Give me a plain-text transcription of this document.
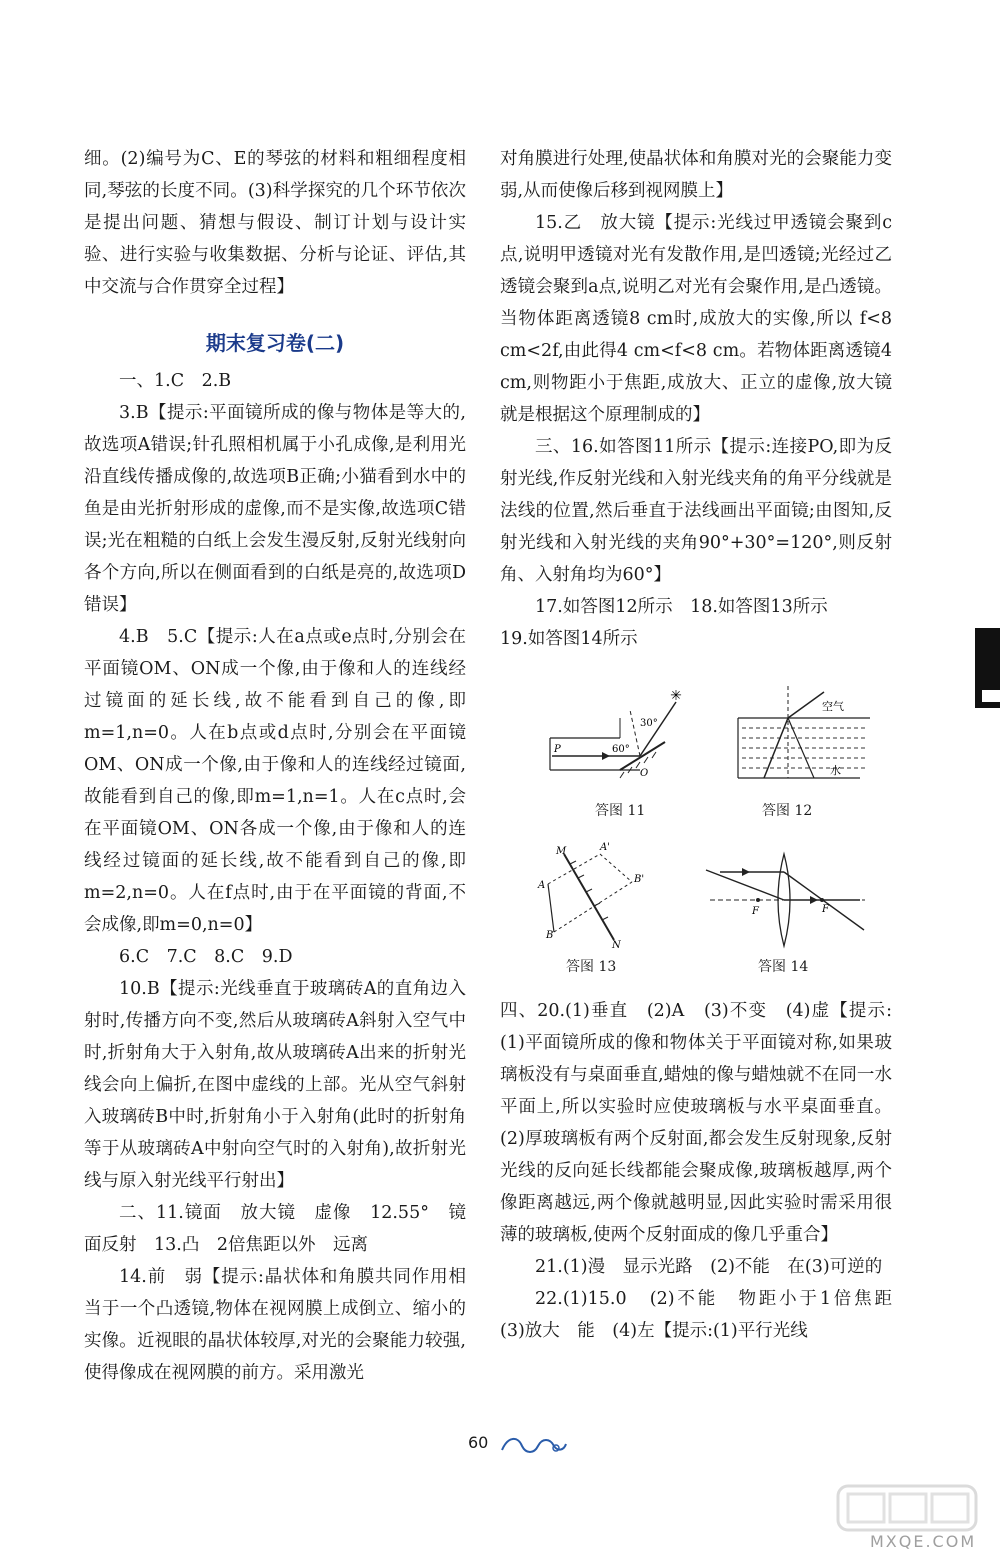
细。(2)编号为C、E的琴弦的材料和粗细程度相同,琴弦的长度不同。(3)科学探究的几个环节依次是提出问题、猜想与假设、制订计划与设计实验、进行实验与收集数据、分析与论证、评估,其中交流与合作贯穿全过程】

期末复习卷(二)

一、1.C　2.B

3.B【提示:平面镜所成的像与物体是等大的,故选项A错误;针孔照相机属于小孔成像,是利用光沿直线传播成像的,故选项B正确;小猫看到水中的鱼是由光折射形成的虚像,而不是实像,故选项C错误;光在粗糙的白纸上会发生漫反射,反射光线射向各个方向,所以在侧面看到的白纸是亮的,故选项D错误】

4.B　5.C【提示:人在a点或e点时,分别会在平面镜OM、ON成一个像,由于像和人的连线经过镜面的延长线,故不能看到自己的像,即m=1,n=0。人在b点或d点时,分别会在平面镜OM、ON成一个像,由于像和人的连线经过镜面,故能看到自己的像,即m=1,n=1。人在c点时,会在平面镜OM、ON各成一个像,由于像和人的连线经过镜面的延长线,故不能看到自己的像,即m=2,n=0。人在f点时,由于在平面镜的背面,不会成像,即m=0,n=0】

6.C　7.C　8.C　9.D

10.B【提示:光线垂直于玻璃砖A的直角边入射时,传播方向不变,然后从玻璃砖A斜射入空气中时,折射角大于入射角,故从玻璃砖A出来的折射光线会向上偏折,在图中虚线的上部。光从空气斜射入玻璃砖B中时,折射角小于入射角(此时的折射角等于从玻璃砖A中射向空气时的入射角),故折射光线与原入射光线平行射出】

二、11.镜面　放大镜　虚像　12.55°　镜面反射　13.凸　2倍焦距以外　远离

14.前　弱【提示:晶状体和角膜共同作用相当于一个凸透镜,物体在视网膜上成倒立、缩小的实像。近视眼的晶状体较厚,对光的会聚能力较强,使得像成在视网膜的前方。采用激光

对角膜进行处理,使晶状体和角膜对光的会聚能力变弱,从而使像后移到视网膜上】

15.乙　放大镜【提示:光线过甲透镜会聚到c点,说明甲透镜对光有发散作用,是凹透镜;光经过乙透镜会聚到a点,说明乙对光有会聚作用,是凸透镜。当物体距离透镜8 cm时,成放大的实像,所以 f<8 cm<2f,由此得4 cm<f<8 cm。若物体距离透镜4 cm,则物距小于焦距,成放大、正立的虚像,放大镜就是根据这个原理制成的】

三、16.如答图11所示【提示:连接PO,即为反射光线,作反射光线和入射光线夹角的角平分线就是法线的位置,然后垂直于法线画出平面镜;由图知,反射光线和入射光线的夹角90°+30°=120°,则反射角、入射角均为60°】

17.如答图12所示　18.如答图13所示

19.如答图14所示

✳
P
O
60°
30°
答图 11
空气
水
答图 12
M	A'
A
B'
B
N
答图 13
F	F
答图 14

四、20.(1)垂直　(2)A　(3)不变　(4)虚【提示:(1)平面镜所成的像和物体关于平面镜对称,如果玻璃板没有与桌面垂直,蜡烛的像与蜡烛就不在同一水平面上,所以实验时应使玻璃板与水平桌面垂直。(2)厚玻璃板有两个反射面,都会发生反射现象,反射光线的反向延长线都能会聚成像,玻璃板越厚,两个像距离越远,两个像就越明显,因此实验时需采用很薄的玻璃板,使两个反射面成的像几乎重合】

21.(1)漫　显示光路　(2)不能　在(3)可逆的

22.(1)15.0　(2)不能　物距小于1倍焦距　(3)放大　能　(4)左【提示:(1)平行光线

60
MXQE.COM
